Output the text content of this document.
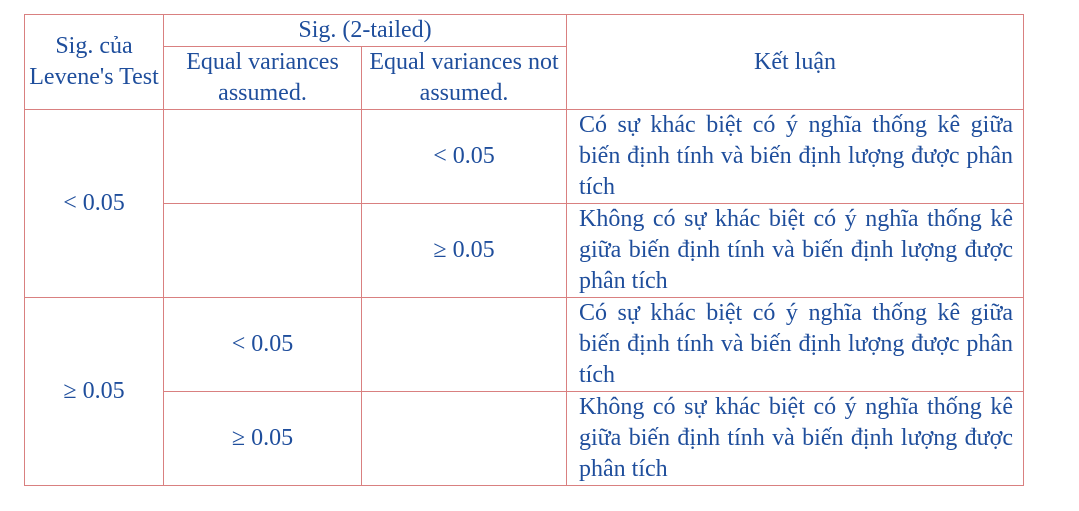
Sig. của Levene's Test	Sig. (2-tailed)		Kết luận
	Equal variances assumed.	Equal variances not assumed.	
< 0.05		< 0.05	Có sự khác biệt có ý nghĩa thống kê giữa biến định tính và biến định lượng được phân tích
		≥ 0.05	Không có sự khác biệt có ý nghĩa thống kê giữa biến định tính và biến định lượng được phân tích
≥ 0.05	< 0.05		Có sự khác biệt có ý nghĩa thống kê giữa biến định tính và biến định lượng được phân tích
	≥ 0.05		Không có sự khác biệt có ý nghĩa thống kê giữa biến định tính và biến định lượng được phân tích
